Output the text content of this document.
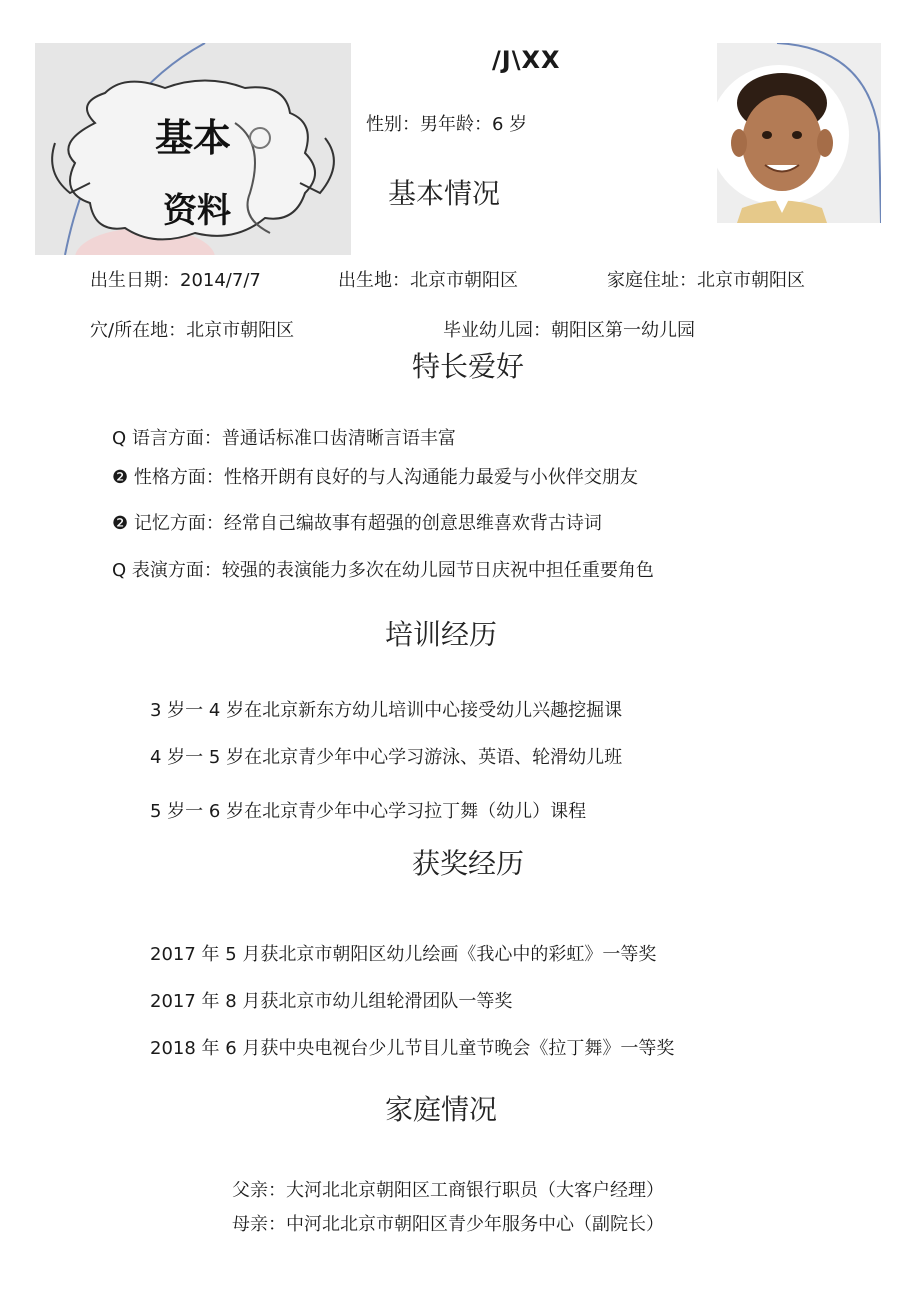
基本
资料
/J\XX
性别：男年龄：6 岁
基本情况
出生日期：2014/7/7	出生地：北京市朝阳区	家庭住址：北京市朝阳区
穴/所在地：北京市朝阳区	毕业幼儿园：朝阳区第一幼儿园
特长爱好
Q 语言方面：普通话标准口齿清晰言语丰富
❷ 性格方面：性格开朗有良好的与人沟通能力最爱与小伙伴交朋友
❷ 记忆方面：经常自己编故事有超强的创意思维喜欢背古诗词
Q 表演方面：较强的表演能力多次在幼儿园节日庆祝中担任重要角色
培训经历
3 岁一 4 岁在北京新东方幼儿培训中心接受幼儿兴趣挖掘课
4 岁一 5 岁在北京青少年中心学习游泳、英语、轮滑幼儿班
5 岁一 6 岁在北京青少年中心学习拉丁舞（幼儿）课程
获奖经历
2017 年 5 月获北京市朝阳区幼儿绘画《我心中的彩虹》一等奖
2017 年 8 月获北京市幼儿组轮滑团队一等奖
2018 年 6 月获中央电视台少儿节目儿童节晚会《拉丁舞》一等奖
家庭情况
父亲：大河北北京朝阳区工商银行职员（大客户经理）
母亲：中河北北京市朝阳区青少年服务中心（副院长）
